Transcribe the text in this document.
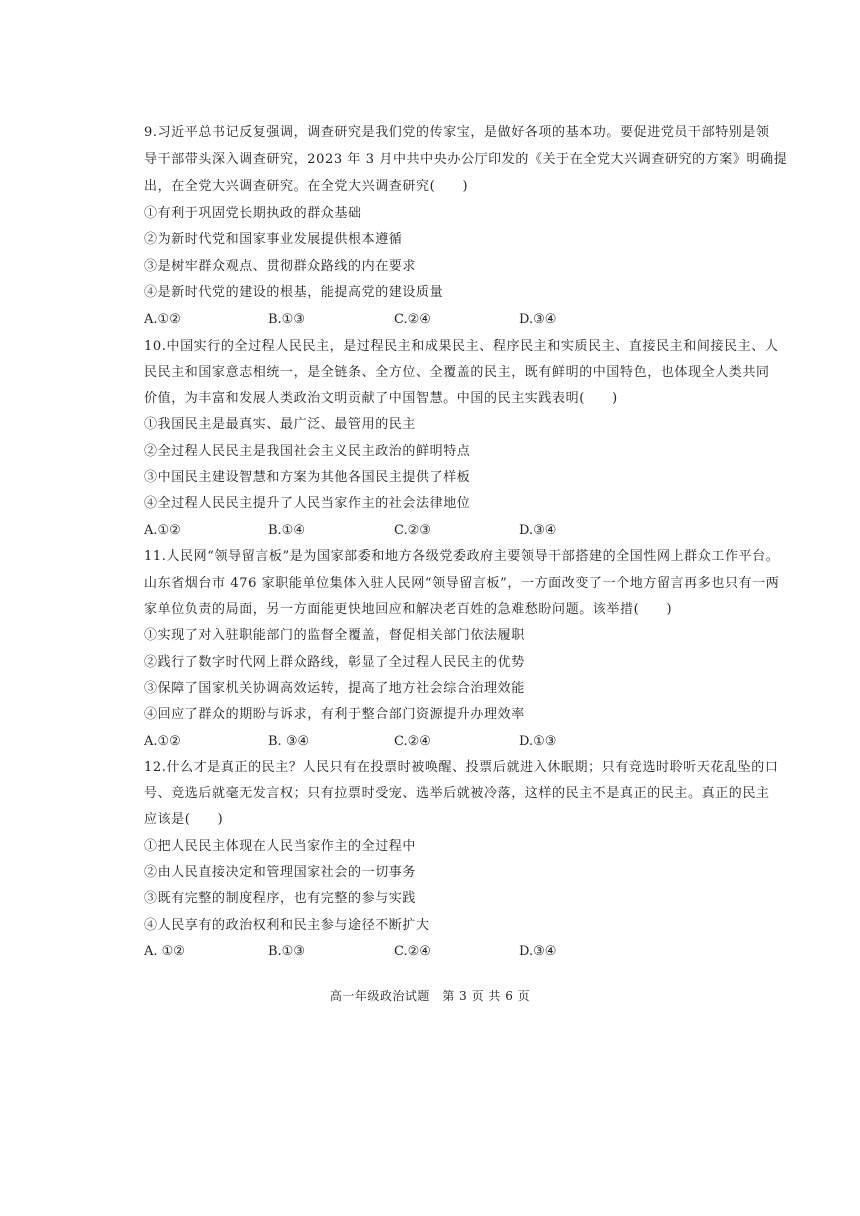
9.习近平总书记反复强调，调查研究是我们党的传家宝，是做好各项的基本功。要促进党员干部特别是领
导干部带头深入调查研究，2023 年 3 月中共中央办公厅印发的《关于在全党大兴调查研究的方案》明确提
出，在全党大兴调查研究。在全党大兴调查研究(　　)
①有利于巩固党长期执政的群众基础
②为新时代党和国家事业发展提供根本遵循
③是树牢群众观点、贯彻群众路线的内在要求
④是新时代党的建设的根基，能提高党的建设质量
A.①②	B.①③	C.②④	D.③④
10.中国实行的全过程人民民主，是过程民主和成果民主、程序民主和实质民主、直接民主和间接民主、人
民民主和国家意志相统一，是全链条、全方位、全覆盖的民主，既有鲜明的中国特色，也体现全人类共同
价值，为丰富和发展人类政治文明贡献了中国智慧。中国的民主实践表明(　　)
①我国民主是最真实、最广泛、最管用的民主
②全过程人民民主是我国社会主义民主政治的鲜明特点
③中国民主建设智慧和方案为其他各国民主提供了样板
④全过程人民民主提升了人民当家作主的社会法律地位
A.①②	B.①④	C.②③	D.③④
11.人民网“领导留言板”是为国家部委和地方各级党委政府主要领导干部搭建的全国性网上群众工作平台。
山东省烟台市 476 家职能单位集体入驻人民网“领导留言板”，一方面改变了一个地方留言再多也只有一两
家单位负责的局面，另一方面能更快地回应和解决老百姓的急难愁盼问题。该举措(　　)
①实现了对入驻职能部门的监督全覆盖，督促相关部门依法履职
②践行了数字时代网上群众路线，彰显了全过程人民民主的优势
③保障了国家机关协调高效运转，提高了地方社会综合治理效能
④回应了群众的期盼与诉求，有利于整合部门资源提升办理效率
A.①②	B. ③④	C.②④	D.①③
12.什么才是真正的民主？人民只有在投票时被唤醒、投票后就进入休眠期；只有竞选时聆听天花乱坠的口
号、竞选后就毫无发言权；只有拉票时受宠、选举后就被冷落，这样的民主不是真正的民主。真正的民主
应该是(　　)
①把人民民主体现在人民当家作主的全过程中
②由人民直接决定和管理国家社会的一切事务
③既有完整的制度程序，也有完整的参与实践
④人民享有的政治权利和民主参与途径不断扩大
A. ①②	B.①③	C.②④	D.③④
高一年级政治试题　第 3 页 共 6 页
